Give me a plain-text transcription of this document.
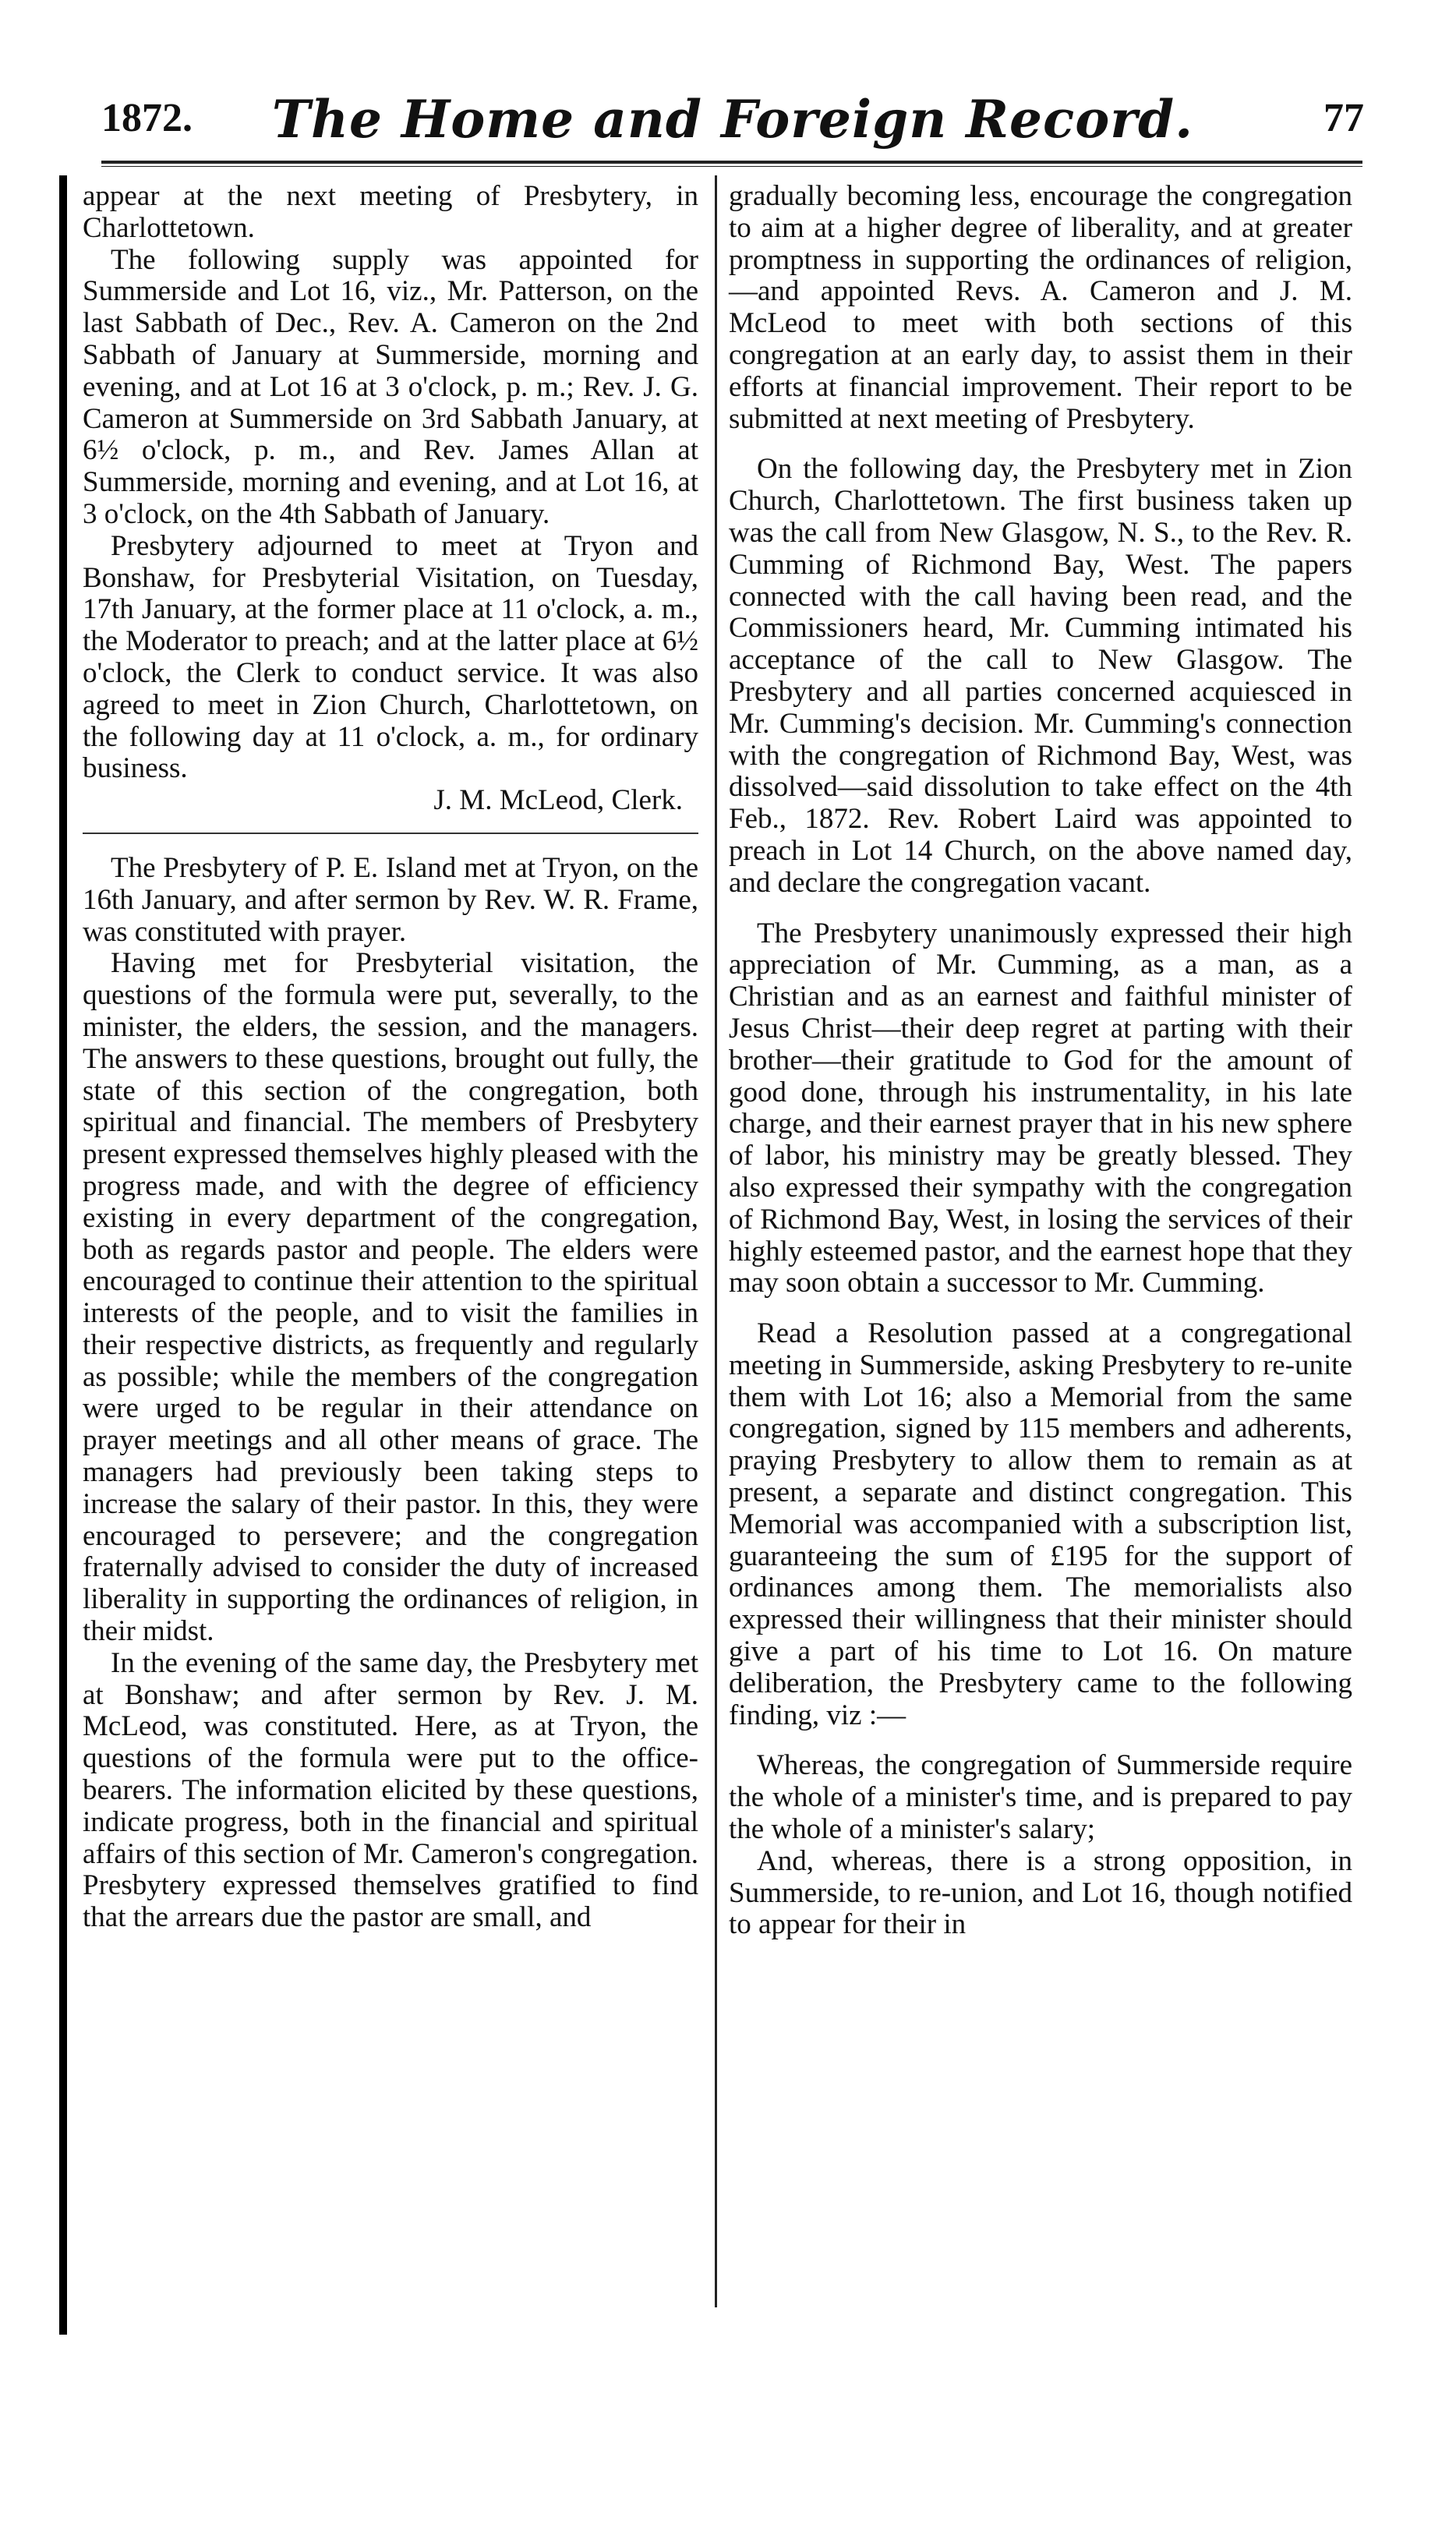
1872.	The Home and Foreign Record.	77

appear at the next meeting of Presbytery, in Charlottetown.

The following supply was appointed for Summerside and Lot 16, viz., Mr. Patterson, on the last Sabbath of Dec., Rev. A. Cameron on the 2nd Sabbath of January at Summerside, morning and evening, and at Lot 16 at 3 o'clock, p. m.; Rev. J. G. Cameron at Summerside on 3rd Sabbath January, at 6½ o'clock, p. m., and Rev. James Allan at Summerside, morning and evening, and at Lot 16, at 3 o'clock, on the 4th Sabbath of January.

Presbytery adjourned to meet at Tryon and Bonshaw, for Presbyterial Visitation, on Tuesday, 17th January, at the former place at 11 o'clock, a. m., the Moderator to preach; and at the latter place at 6½ o'clock, the Clerk to conduct service. It was also agreed to meet in Zion Church, Charlottetown, on the following day at 11 o'clock, a. m., for ordinary business.

J. M. McLeod, Clerk.

The Presbytery of P. E. Island met at Tryon, on the 16th January, and after sermon by Rev. W. R. Frame, was constituted with prayer.

Having met for Presbyterial visitation, the questions of the formula were put, severally, to the minister, the elders, the session, and the managers. The answers to these questions, brought out fully, the state of this section of the congregation, both spiritual and financial. The members of Presbytery present expressed themselves highly pleased with the progress made, and with the degree of efficiency existing in every department of the congregation, both as regards pastor and people. The elders were encouraged to continue their attention to the spiritual interests of the people, and to visit the families in their respective districts, as frequently and regularly as possible; while the members of the congregation were urged to be regular in their attendance on prayer meetings and all other means of grace. The managers had previously been taking steps to increase the salary of their pastor. In this, they were encouraged to persevere; and the congregation fraternally advised to consider the duty of increased liberality in supporting the ordinances of religion, in their midst.

In the evening of the same day, the Presbytery met at Bonshaw; and after sermon by Rev. J. M. McLeod, was constituted. Here, as at Tryon, the questions of the formula were put to the office-bearers. The information elicited by these questions, indicate progress, both in the financial and spiritual affairs of this section of Mr. Cameron's congregation. Presbytery expressed themselves gratified to find that the arrears due the pastor are small, and

gradually becoming less, encourage the congregation to aim at a higher degree of liberality, and at greater promptness in supporting the ordinances of religion,—and appointed Revs. A. Cameron and J. M. McLeod to meet with both sections of this congregation at an early day, to assist them in their efforts at financial improvement. Their report to be submitted at next meeting of Presbytery.

On the following day, the Presbytery met in Zion Church, Charlottetown. The first business taken up was the call from New Glasgow, N. S., to the Rev. R. Cumming of Richmond Bay, West. The papers connected with the call having been read, and the Commissioners heard, Mr. Cumming intimated his acceptance of the call to New Glasgow. The Presbytery and all parties concerned acquiesced in Mr. Cumming's decision. Mr. Cumming's connection with the congregation of Richmond Bay, West, was dissolved—said dissolution to take effect on the 4th Feb., 1872. Rev. Robert Laird was appointed to preach in Lot 14 Church, on the above named day, and declare the congregation vacant.

The Presbytery unanimously expressed their high appreciation of Mr. Cumming, as a man, as a Christian and as an earnest and faithful minister of Jesus Christ—their deep regret at parting with their brother—their gratitude to God for the amount of good done, through his instrumentality, in his late charge, and their earnest prayer that in his new sphere of labor, his ministry may be greatly blessed. They also expressed their sympathy with the congregation of Richmond Bay, West, in losing the services of their highly esteemed pastor, and the earnest hope that they may soon obtain a successor to Mr. Cumming.

Read a Resolution passed at a congregational meeting in Summerside, asking Presbytery to re-unite them with Lot 16; also a Memorial from the same congregation, signed by 115 members and adherents, praying Presbytery to allow them to remain as at present, a separate and distinct congregation. This Memorial was accompanied with a subscription list, guaranteeing the sum of £195 for the support of ordinances among them. The memorialists also expressed their willingness that their minister should give a part of his time to Lot 16. On mature deliberation, the Presbytery came to the following finding, viz :—

Whereas, the congregation of Summerside require the whole of a minister's time, and is prepared to pay the whole of a minister's salary;

And, whereas, there is a strong opposition, in Summerside, to re-union, and Lot 16, though notified to appear for their in
